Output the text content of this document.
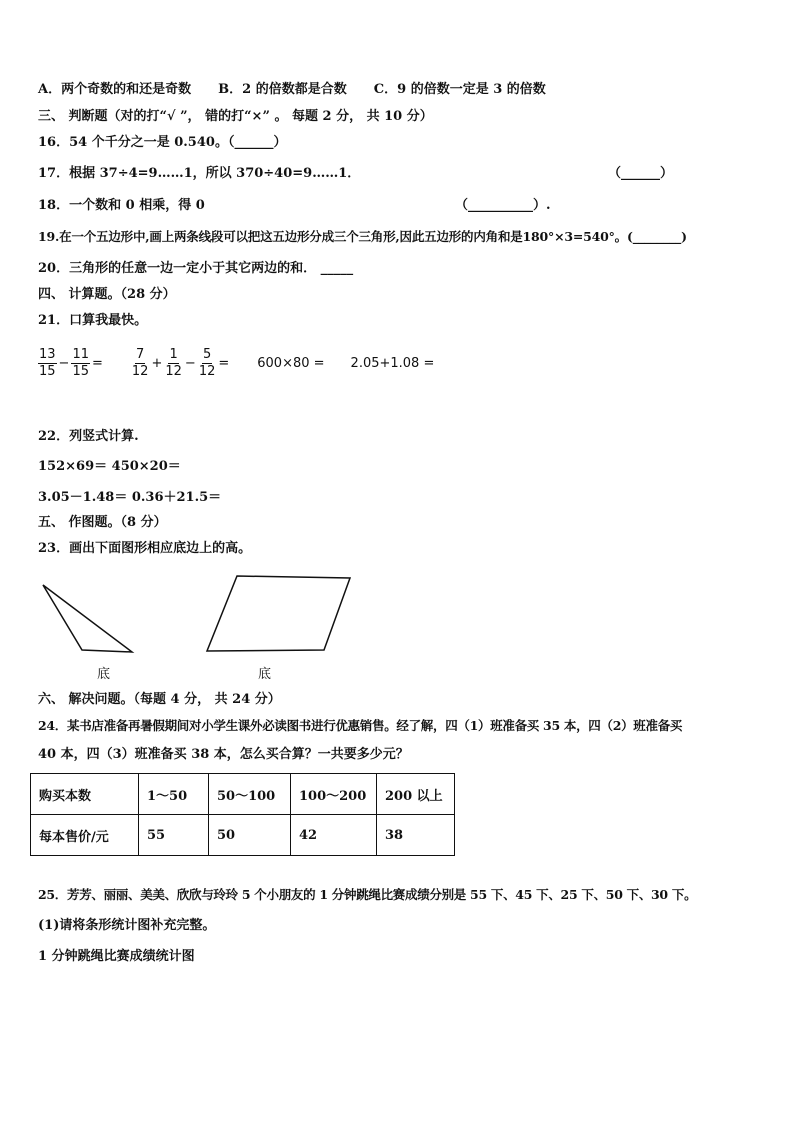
A．两个奇数的和还是奇数 B．2 的倍数都是合数 C．9 的倍数一定是 3 的倍数
三、 判断题（对的打“√ ”， 错的打“×” 。 每题 2 分， 共 10 分）
16．54 个千分之一是 0.540。（______）
17．根据 37÷4=9……1，所以 370÷40=9……1．	（______）
18．一个数和 0 相乘，得 0	（__________）.
19.在一个五边形中,画上两条线段可以把这五边形分成三个三角形,因此五边形的内角和是180°×3=540°。(________)
20．三角形的任意一边一定小于其它两边的和． _____
四、 计算题。（28 分）
21．口算我最快。
$\frac{13}{15} - \frac{11}{15} = \frac{7}{12} + \frac{1}{12} - \frac{5}{12} = 600\times 80 = 2.05+1.08$ =
22．列竖式计算.
152×69＝ 450×20＝
3.05－1.48＝ 0.36＋21.5＝
五、 作图题。（8 分）
23．画出下面图形相应底边上的高。
底	底
六、 解决问题。（每题 4 分， 共 24 分）
24．某书店准备再暑假期间对小学生课外必读图书进行优惠销售。经了解，四（1）班准备买 35 本，四（2）班准备买
40 本，四（3）班准备买 38 本，怎么买合算？一共要多少元？
购买本数	1～50	50～100	100～200	200 以上
每本售价/元	55	50	42	38
25．芳芳、丽丽、美美、欣欣与玲玲 5 个小朋友的 1 分钟跳绳比赛成绩分别是 55 下、45 下、25 下、50 下、30 下。
(1)请将条形统计图补充完整。
1 分钟跳绳比赛成绩统计图
